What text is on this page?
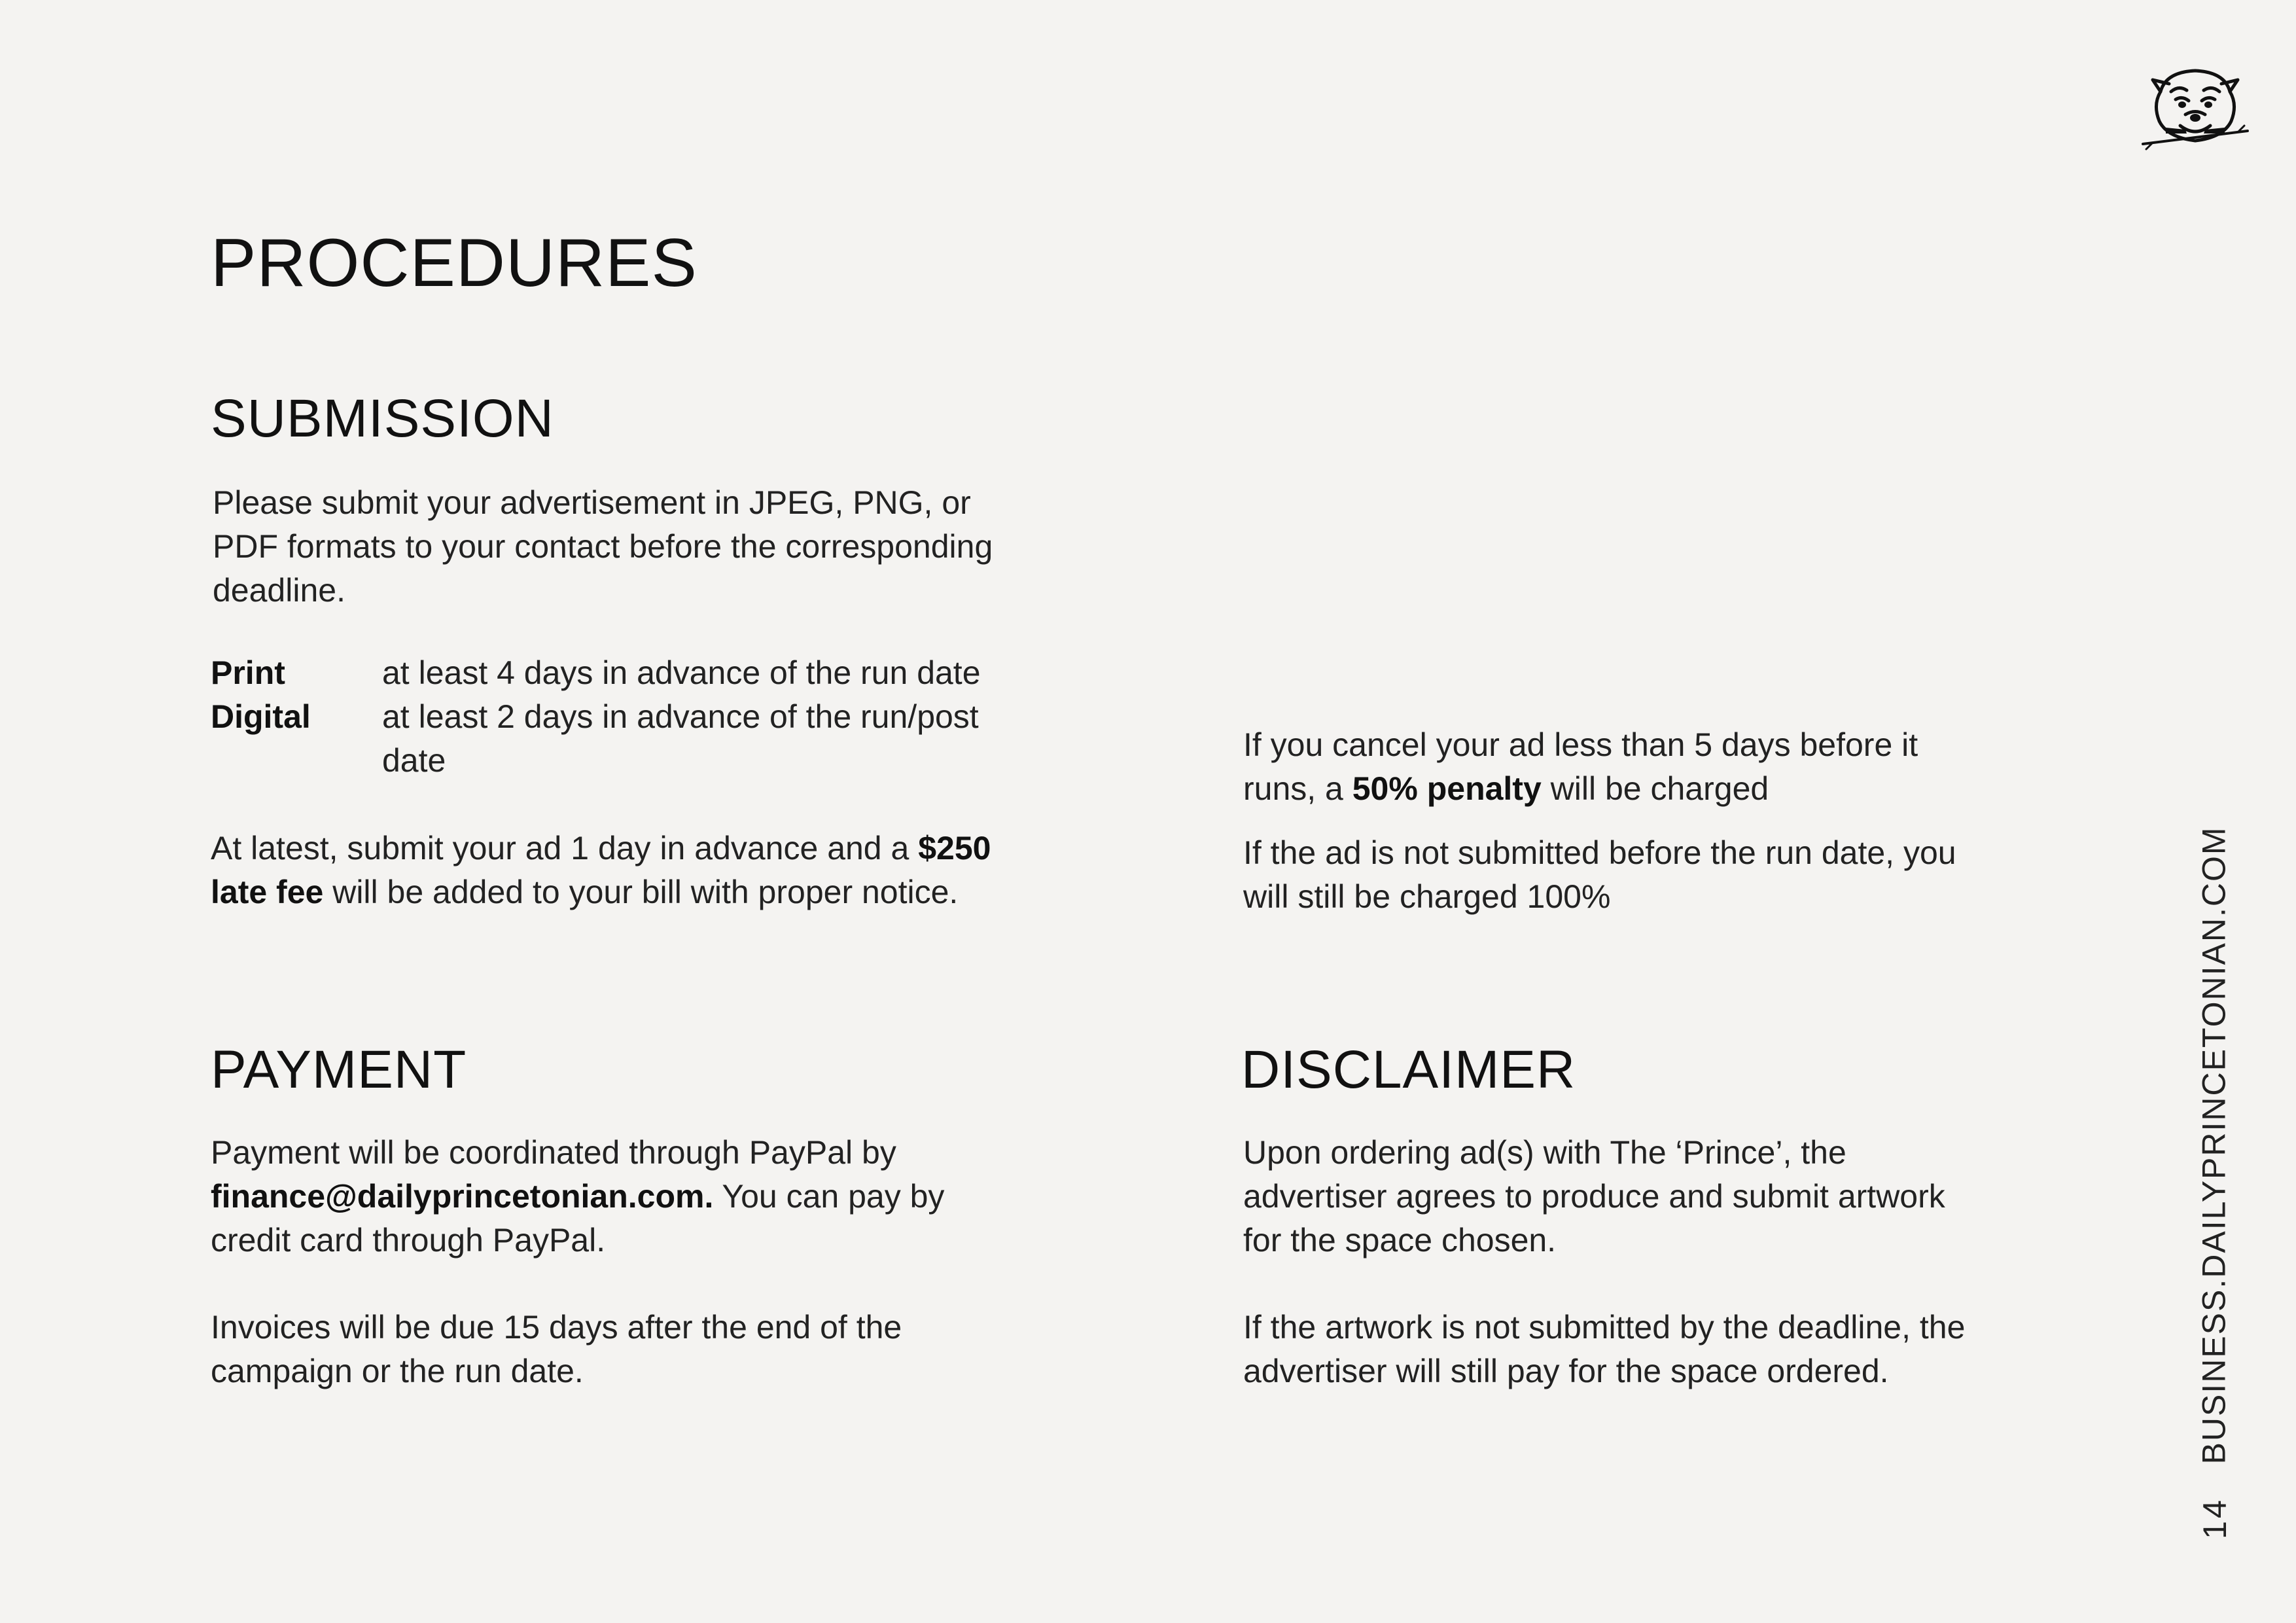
PROCEDURES
SUBMISSION
Please submit your advertisement in JPEG, PNG, or PDF formats to your contact before the corresponding deadline.
Print	at least 4 days in advance of the run date
Digital	at least 2 days in advance of the run/post date
At latest, submit your ad 1 day in advance and a $250 late fee will be added to your bill with proper notice.
If you cancel your ad less than 5 days before it runs, a 50% penalty will be charged
If the ad is not submitted before the run date, you will still be charged 100%
PAYMENT
Payment will be coordinated through PayPal by finance@dailyprincetonian.com. You can pay by credit card through PayPal.
Invoices will be due 15 days after the end of the campaign or the run date.
DISCLAIMER
Upon ordering ad(s) with The ‘Prince’, the advertiser agrees to produce and submit artwork for the space chosen.
If the artwork is not submitted by the deadline, the advertiser will still pay for the space ordered.	BUSINESS.DAILYPRINCETONIAN.COM
14
